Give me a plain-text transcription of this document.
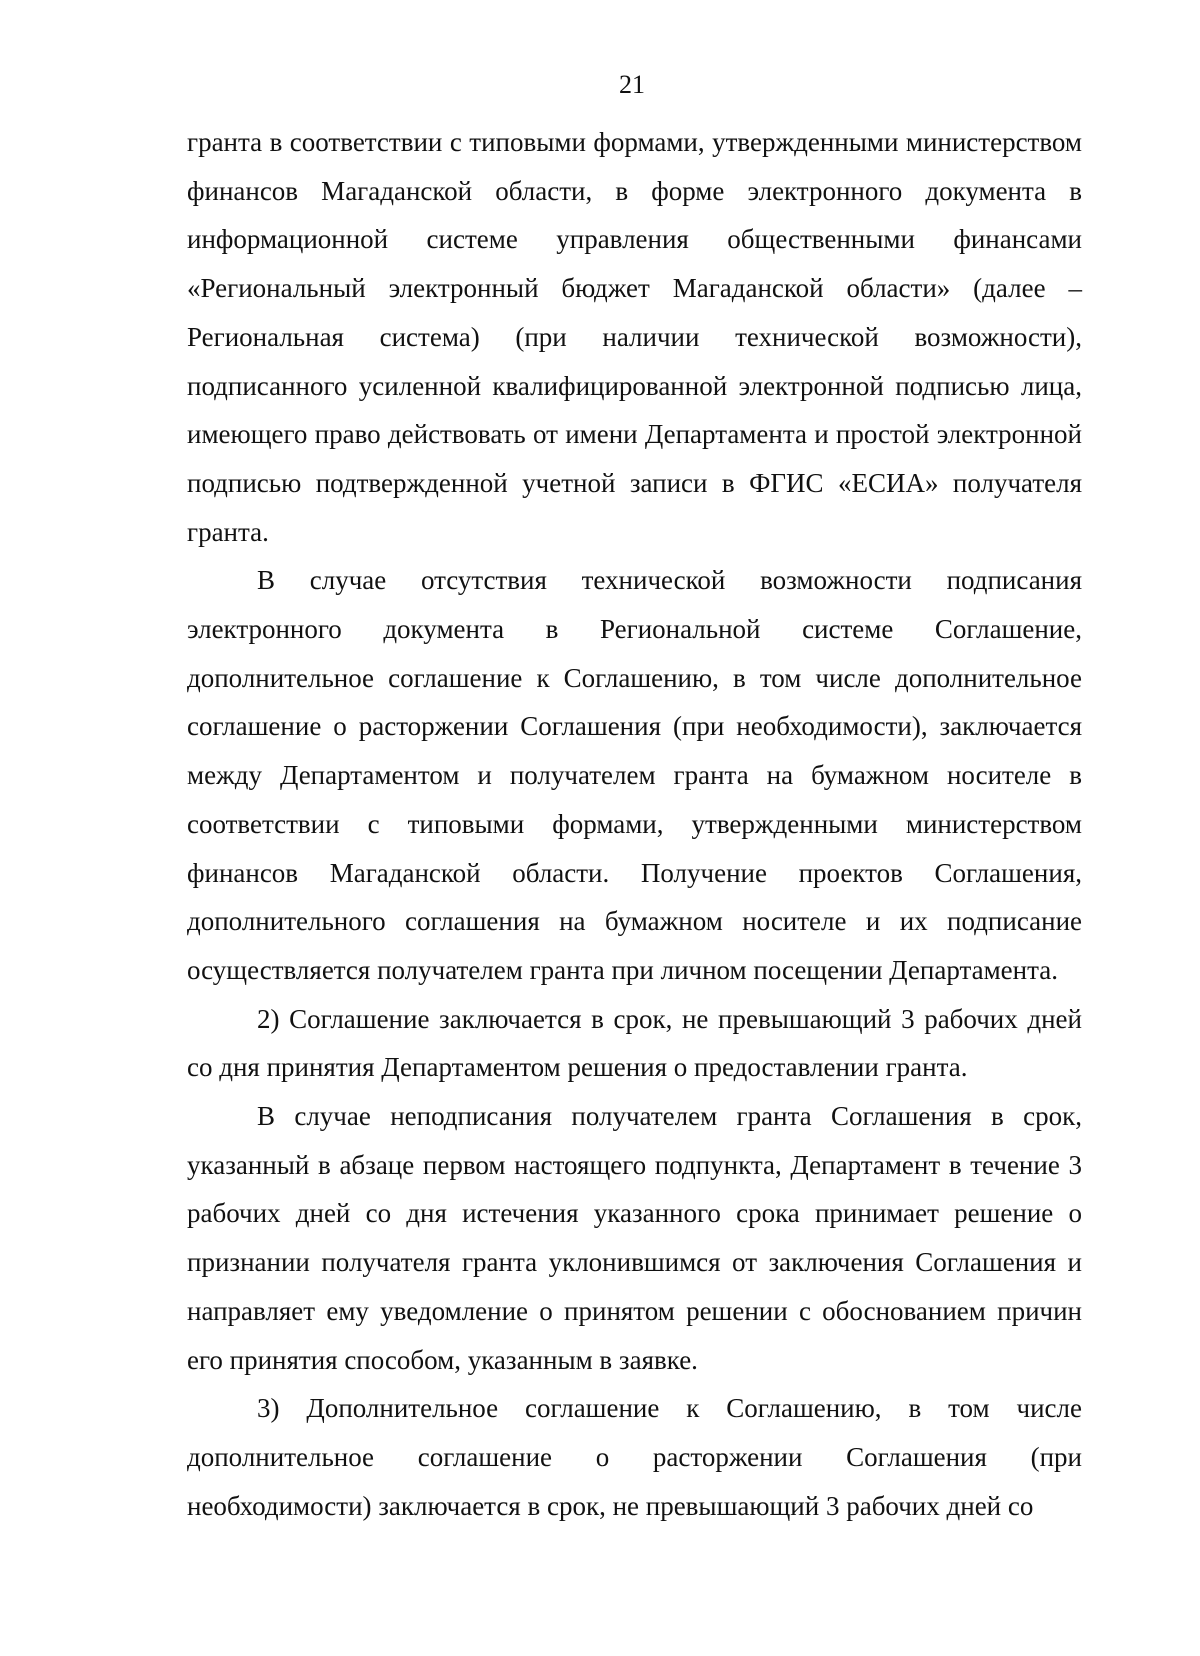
21

гранта в соответствии с типовыми формами, утвержденными министерством финансов Магаданской области, в форме электронного документа в информационной системе управления общественными финансами «Региональный электронный бюджет Магаданской области» (далее – Региональная система) (при наличии технической возможности), подписанного усиленной квалифицированной электронной подписью лица, имеющего право действовать от имени Департамента и простой электронной подписью подтвержденной учетной записи в ФГИС «ЕСИА» получателя гранта.

В случае отсутствия технической возможности подписания электронного документа в Региональной системе Соглашение, дополнительное соглашение к Соглашению, в том числе дополнительное соглашение о расторжении Соглашения (при необходимости), заключается между Департаментом и получателем гранта на бумажном носителе в соответствии с типовыми формами, утвержденными министерством финансов Магаданской области. Получение проектов Соглашения, дополнительного соглашения на бумажном носителе и их подписание осуществляется получателем гранта при личном посещении Департамента.

2) Соглашение заключается в срок, не превышающий 3 рабочих дней со дня принятия Департаментом решения о предоставлении гранта.

В случае неподписания получателем гранта Соглашения в срок, указанный в абзаце первом настоящего подпункта, Департамент в течение 3 рабочих дней со дня истечения указанного срока принимает решение о признании получателя гранта уклонившимся от заключения Соглашения и направляет ему уведомление о принятом решении с обоснованием причин его принятия способом, указанным в заявке.

3) Дополнительное соглашение к Соглашению, в том числе дополнительное соглашение о расторжении Соглашения (при необходимости) заключается в срок, не превышающий 3 рабочих дней со
